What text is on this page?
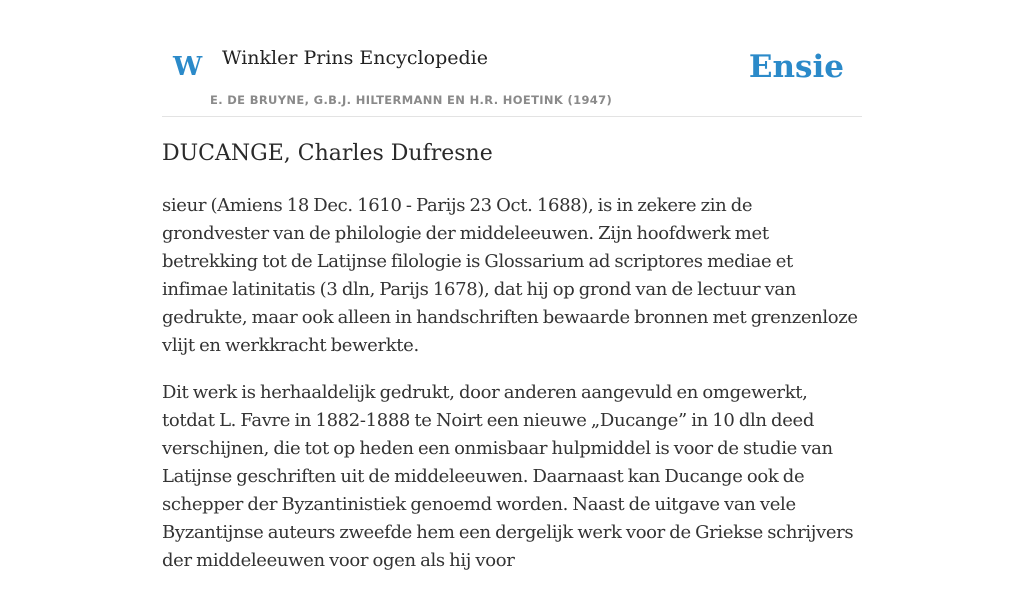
W Winkler Prins Encyclopedie
E. DE BRUYNE, G.B.J. HILTERMANN EN H.R. HOETINK (1947)
Ensie
DUCANGE, Charles Dufresne

sieur (Amiens 18 Dec. 1610 - Parijs 23 Oct. 1688), is in zekere zin de grondvester van de philologie der middeleeuwen. Zijn hoofdwerk met betrekking tot de Latijnse filologie is Glossarium ad scriptores mediae et infimae latinitatis (3 dln, Parijs 1678), dat hij op grond van de lectuur van gedrukte, maar ook alleen in handschriften bewaarde bronnen met grenzenloze vlijt en werkkracht bewerkte.

Dit werk is herhaaldelijk gedrukt, door anderen aangevuld en omgewerkt, totdat L. Favre in 1882-1888 te Noirt een nieuwe „Ducange” in 10 dln deed verschijnen, die tot op heden een onmisbaar hulpmiddel is voor de studie van Latijnse geschriften uit de middeleeuwen. Daarnaast kan Ducange ook de schepper der Byzantinistiek genoemd worden. Naast de uitgave van vele Byzantijnse auteurs zweefde hem een dergelijk werk voor de Griekse schrijvers der middeleeuwen voor ogen als hij voor
